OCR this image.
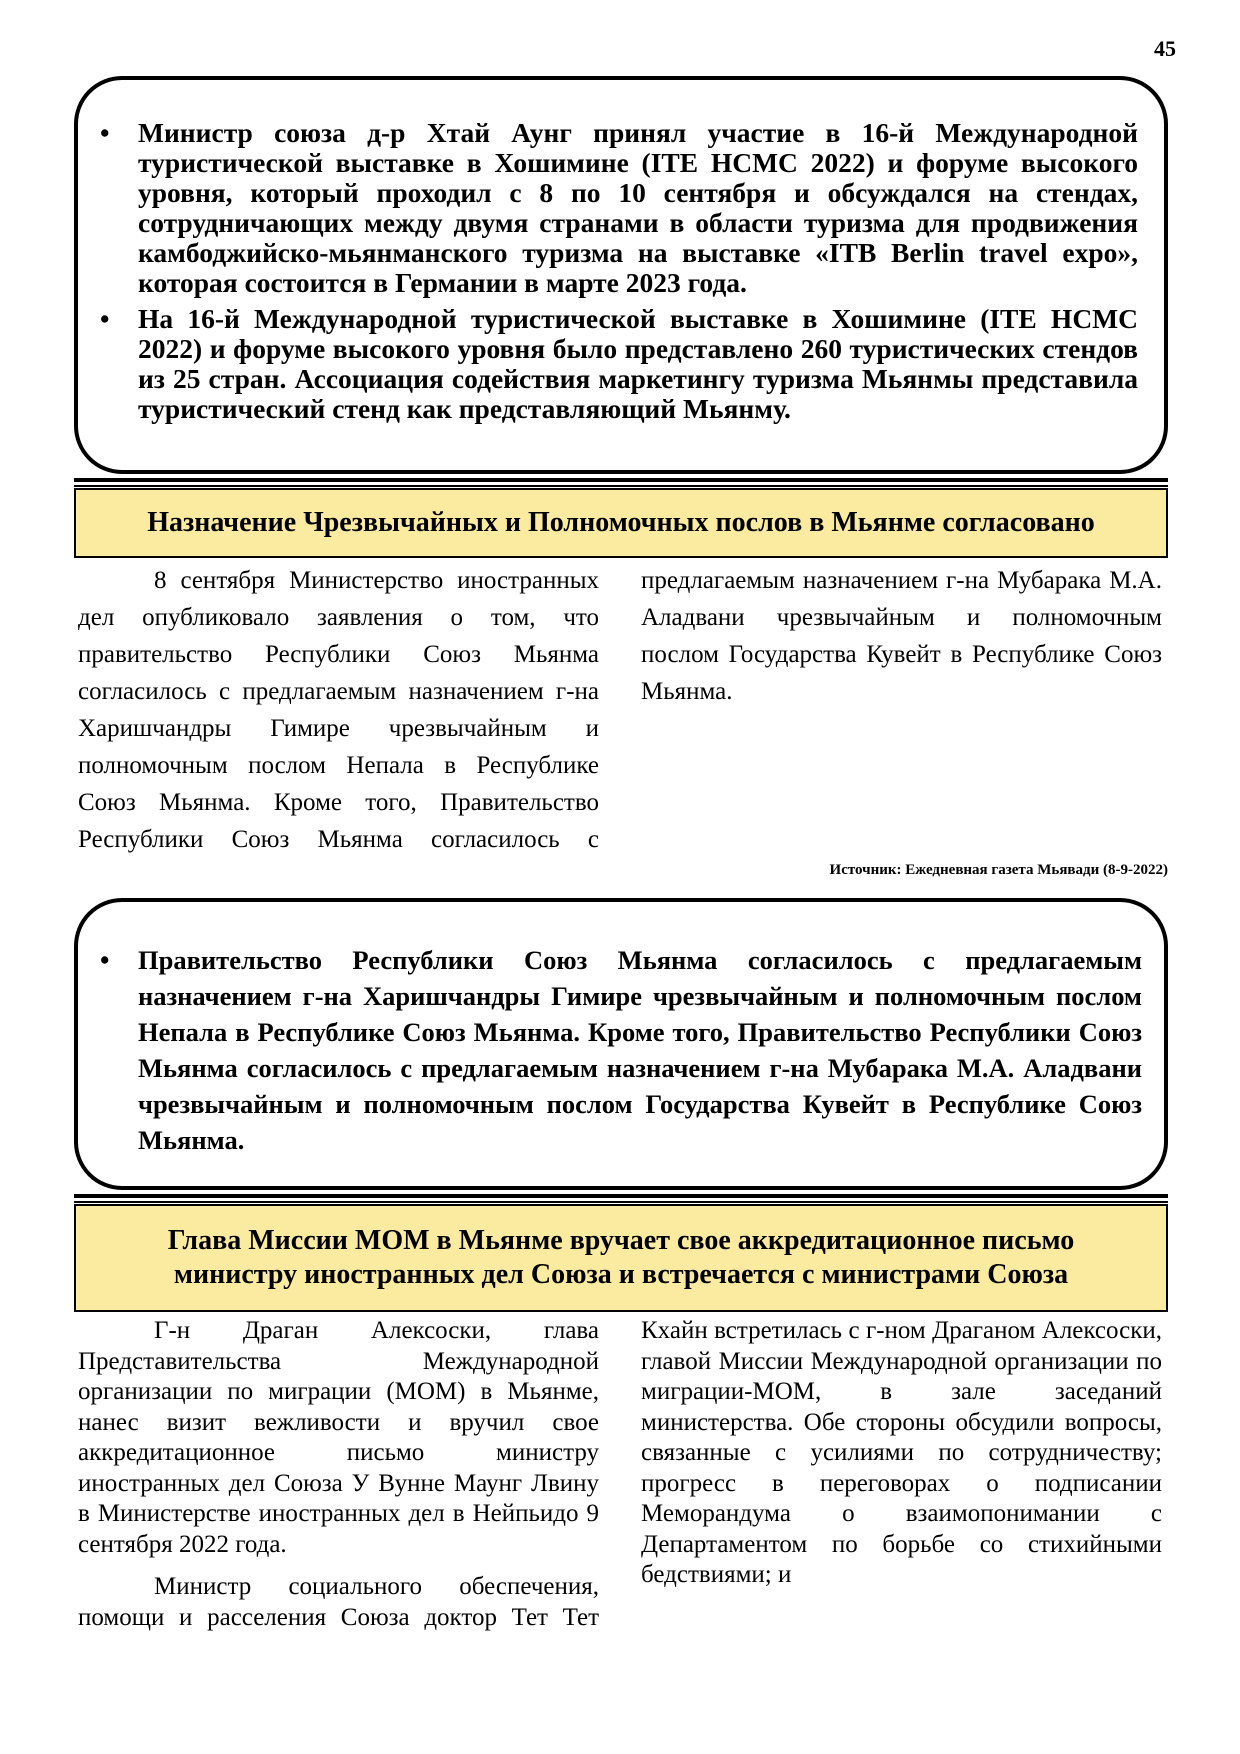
45
• Министр союза д-р Хтай Аунг принял участие в 16-й Международной туристической выставке в Хошимине (ITE HCMC 2022) и форуме высокого уровня, который проходил с 8 по 10 сентября и обсуждался на стендах, сотрудничающих между двумя странами в области туризма для продвижения камбоджийско-мьянманского туризма на выставке «ITB Berlin travel expo», которая состоится в Германии в марте 2023 года.
• На 16-й Международной туристической выставке в Хошимине (ITE HCMC 2022) и форуме высокого уровня было представлено 260 туристических стендов из 25 стран. Ассоциация содействия маркетингу туризма Мьянмы представила туристический стенд как представляющий Мьянму.
Назначение Чрезвычайных и Полномочных послов в Мьянме согласовано

8 сентября Министерство иностранных дел опубликовало заявления о том, что правительство Республики Союз Мьянма согласилось с предлагаемым назначением г-на Харишчандры Гимире чрезвычайным и полномочным послом Непала в Республике Союз Мьянма. Кроме того, Правительство Республики Союз Мьянма согласилось с предлагаемым назначением г-на Мубарака М.А. Аладвани чрезвычайным и полномочным послом Государства Кувейт в Республике Союз Мьянма.

Источник: Ежедневная газета Мьявади (8-9-2022)
• Правительство Республики Союз Мьянма согласилось с предлагаемым назначением г-на Харишчандры Гимире чрезвычайным и полномочным послом Непала в Республике Союз Мьянма. Кроме того, Правительство Республики Союз Мьянма согласилось с предлагаемым назначением г-на Мубарака М.А. Аладвани чрезвычайным и полномочным послом Государства Кувейт в Республике Союз Мьянма.
Глава Миссии МОМ в Мьянме вручает свое аккредитационное письмо министру иностранных дел Союза и встречается с министрами Союза

Г-н Драган Алексоски, глава Представительства Международной организации по миграции (МОМ) в Мьянме, нанес визит вежливости и вручил свое аккредитационное письмо министру иностранных дел Союза У Вунне Маунг Лвину в Министерстве иностранных дел в Нейпьидо 9 сентября 2022 года.

Министр социального обеспечения, помощи и расселения Союза доктор Тет Тет Кхайн встретилась с г-ном Драганом Алексоски, главой Миссии Международной организации по миграции-МОМ, в зале заседаний министерства. Обе стороны обсудили вопросы, связанные с усилиями по сотрудничеству; прогресс в переговорах о подписании Меморандума о взаимопонимании с Департаментом по борьбе со стихийными бедствиями; и
